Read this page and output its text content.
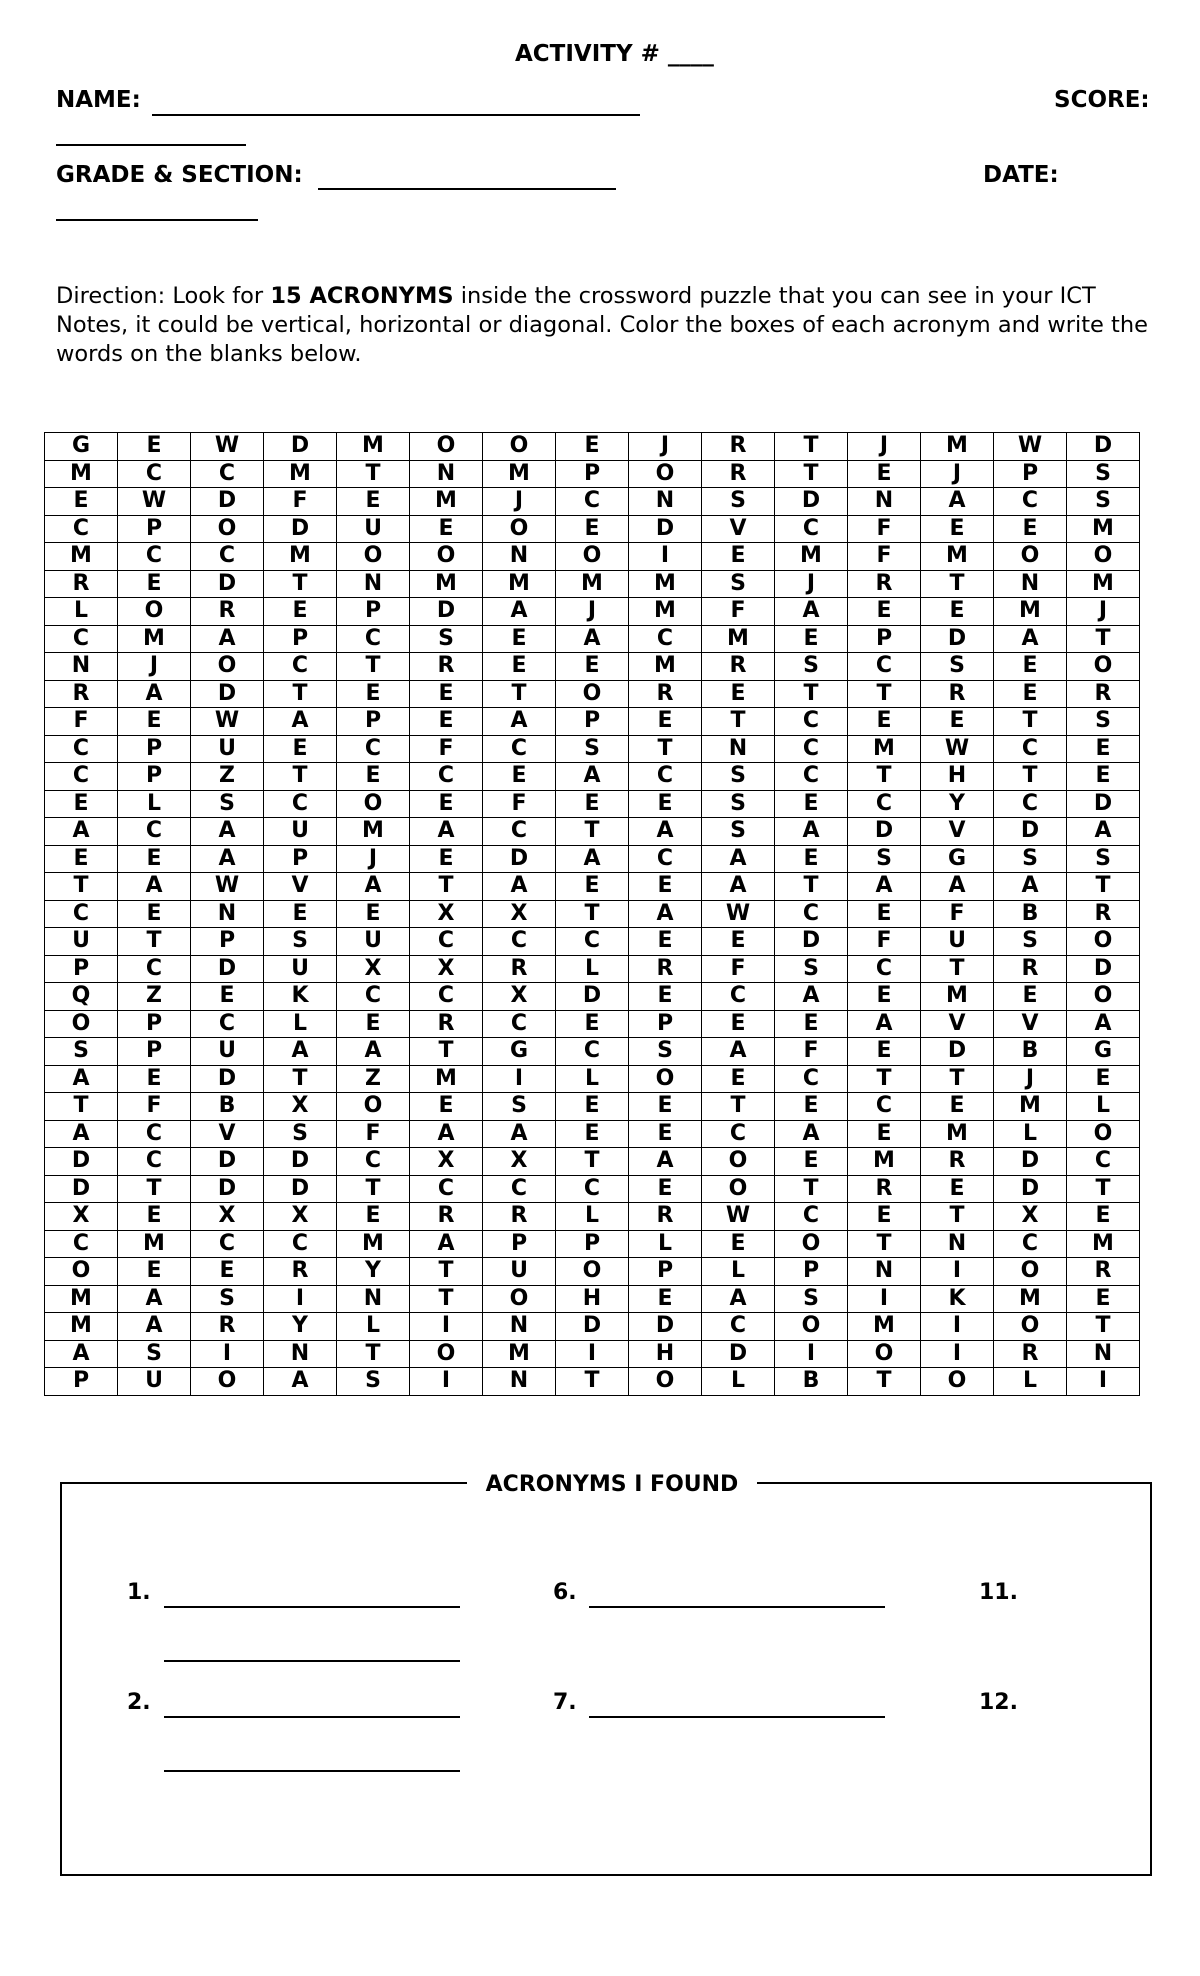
ACTIVITY # ____
NAME:	SCORE:
GRADE & SECTION:	DATE:
Direction: Look for 15 ACRONYMS inside the crossword puzzle that you can see in your ICT Notes, it could be vertical, horizontal or diagonal. Color the boxes of each acronym and write the words on the blanks below.
G	E	W	D	M	O	O	E	J	R	T	J	M	W	D
M	C	C	M	T	N	M	P	O	R	T	E	J	P	S
E	W	D	F	E	M	J	C	N	S	D	N	A	C	S
C	P	O	D	U	E	O	E	D	V	C	F	E	E	M
M	C	C	M	O	O	N	O	I	E	M	F	M	O	O
R	E	D	T	N	M	M	M	M	S	J	R	T	N	M
L	O	R	E	P	D	A	J	M	F	A	E	E	M	J
C	M	A	P	C	S	E	A	C	M	E	P	D	A	T
N	J	O	C	T	R	E	E	M	R	S	C	S	E	O
R	A	D	T	E	E	T	O	R	E	T	T	R	E	R
F	E	W	A	P	E	A	P	E	T	C	E	E	T	S
C	P	U	E	C	F	C	S	T	N	C	M	W	C	E
C	P	Z	T	E	C	E	A	C	S	C	T	H	T	E
E	L	S	C	O	E	F	E	E	S	E	C	Y	C	D
A	C	A	U	M	A	C	T	A	S	A	D	V	D	A
E	E	A	P	J	E	D	A	C	A	E	S	G	S	S
T	A	W	V	A	T	A	E	E	A	T	A	A	A	T
C	E	N	E	E	X	X	T	A	W	C	E	F	B	R
U	T	P	S	U	C	C	C	E	E	D	F	U	S	O
P	C	D	U	X	X	R	L	R	F	S	C	T	R	D
Q	Z	E	K	C	C	X	D	E	C	A	E	M	E	O
O	P	C	L	E	R	C	E	P	E	E	A	V	V	A
S	P	U	A	A	T	G	C	S	A	F	E	D	B	G
A	E	D	T	Z	M	I	L	O	E	C	T	T	J	E
T	F	B	X	O	E	S	E	E	T	E	C	E	M	L
A	C	V	S	F	A	A	E	E	C	A	E	M	L	O
D	C	D	D	C	X	X	T	A	O	E	M	R	D	C
D	T	D	D	T	C	C	C	E	O	T	R	E	D	T
X	E	X	X	E	R	R	L	R	W	C	E	T	X	E
C	M	C	C	M	A	P	P	L	E	O	T	N	C	M
O	E	E	R	Y	T	U	O	P	L	P	N	I	O	R
M	A	S	I	N	T	O	H	E	A	S	I	K	M	E
M	A	R	Y	L	I	N	D	D	C	O	M	I	O	T
A	S	I	N	T	O	M	I	H	D	I	O	I	R	N
P	U	O	A	S	I	N	T	O	L	B	T	O	L	I
ACRONYMS I FOUND
1.
2.
6.
7.
11.
12.
